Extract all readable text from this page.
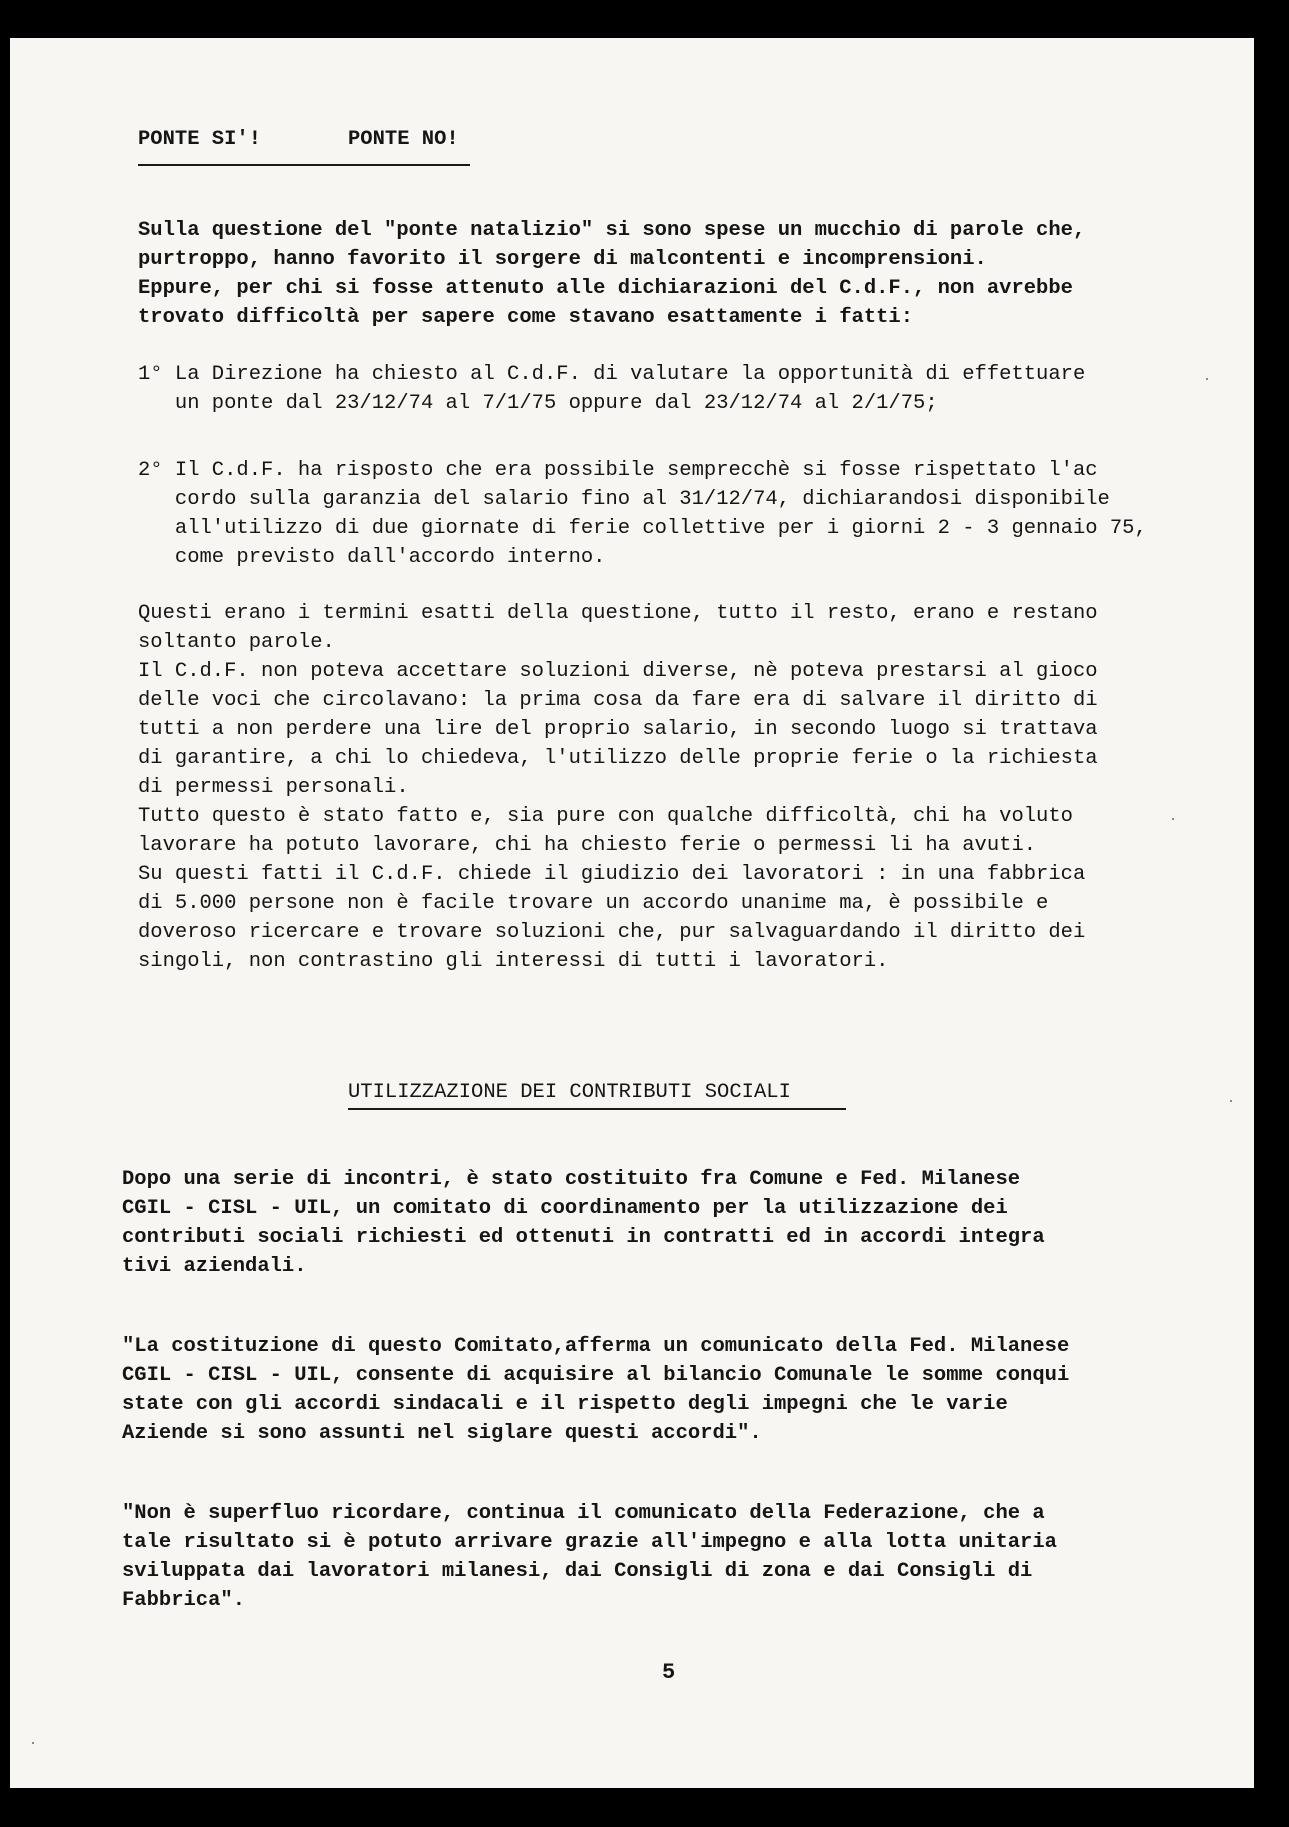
PONTE SI'!	PONTE NO!
Sulla questione del "ponte natalizio" si sono spese un mucchio di parole che,
purtroppo, hanno favorito il sorgere di malcontenti e incomprensioni.
Eppure, per chi si fosse attenuto alle dichiarazioni del C.d.F., non avrebbe
trovato difficoltà per sapere come stavano esattamente i fatti:
1° La Direzione ha chiesto al C.d.F. di valutare la opportunità di effettuare
un ponte dal 23/12/74 al 7/1/75 oppure dal 23/12/74 al 2/1/75;
2° Il C.d.F. ha risposto che era possibile semprecchè si fosse rispettato l'ac
cordo sulla garanzia del salario fino al 31/12/74, dichiarandosi disponibile
all'utilizzo di due giornate di ferie collettive per i giorni 2 - 3 gennaio 75,
come previsto dall'accordo interno.
Questi erano i termini esatti della questione, tutto il resto, erano e restano
soltanto parole.
Il C.d.F. non poteva accettare soluzioni diverse, nè poteva prestarsi al gioco
delle voci che circolavano: la prima cosa da fare era di salvare il diritto di
tutti a non perdere una lire del proprio salario, in secondo luogo si trattava
di garantire, a chi lo chiedeva, l'utilizzo delle proprie ferie o la richiesta
di permessi personali.
Tutto questo è stato fatto e, sia pure con qualche difficoltà, chi ha voluto
lavorare ha potuto lavorare, chi ha chiesto ferie o permessi li ha avuti.
Su questi fatti il C.d.F. chiede il giudizio dei lavoratori : in una fabbrica
di 5.000 persone non è facile trovare un accordo unanime ma, è possibile e
doveroso ricercare e trovare soluzioni che, pur salvaguardando il diritto dei
singoli, non contrastino gli interessi di tutti i lavoratori.
UTILIZZAZIONE DEI CONTRIBUTI SOCIALI
Dopo una serie di incontri, è stato costituito fra Comune e Fed. Milanese
CGIL - CISL - UIL, un comitato di coordinamento per la utilizzazione dei
contributi sociali richiesti ed ottenuti in contratti ed in accordi integra
tivi aziendali.
"La costituzione di questo Comitato,afferma un comunicato della Fed. Milanese
CGIL - CISL - UIL, consente di acquisire al bilancio Comunale le somme conqui
state con gli accordi sindacali e il rispetto degli impegni che le varie
Aziende si sono assunti nel siglare questi accordi".
"Non è superfluo ricordare, continua il comunicato della Federazione, che a
tale risultato si è potuto arrivare grazie all'impegno e alla lotta unitaria
sviluppata dai lavoratori milanesi, dai Consigli di zona e dai Consigli di
Fabbrica".
5
